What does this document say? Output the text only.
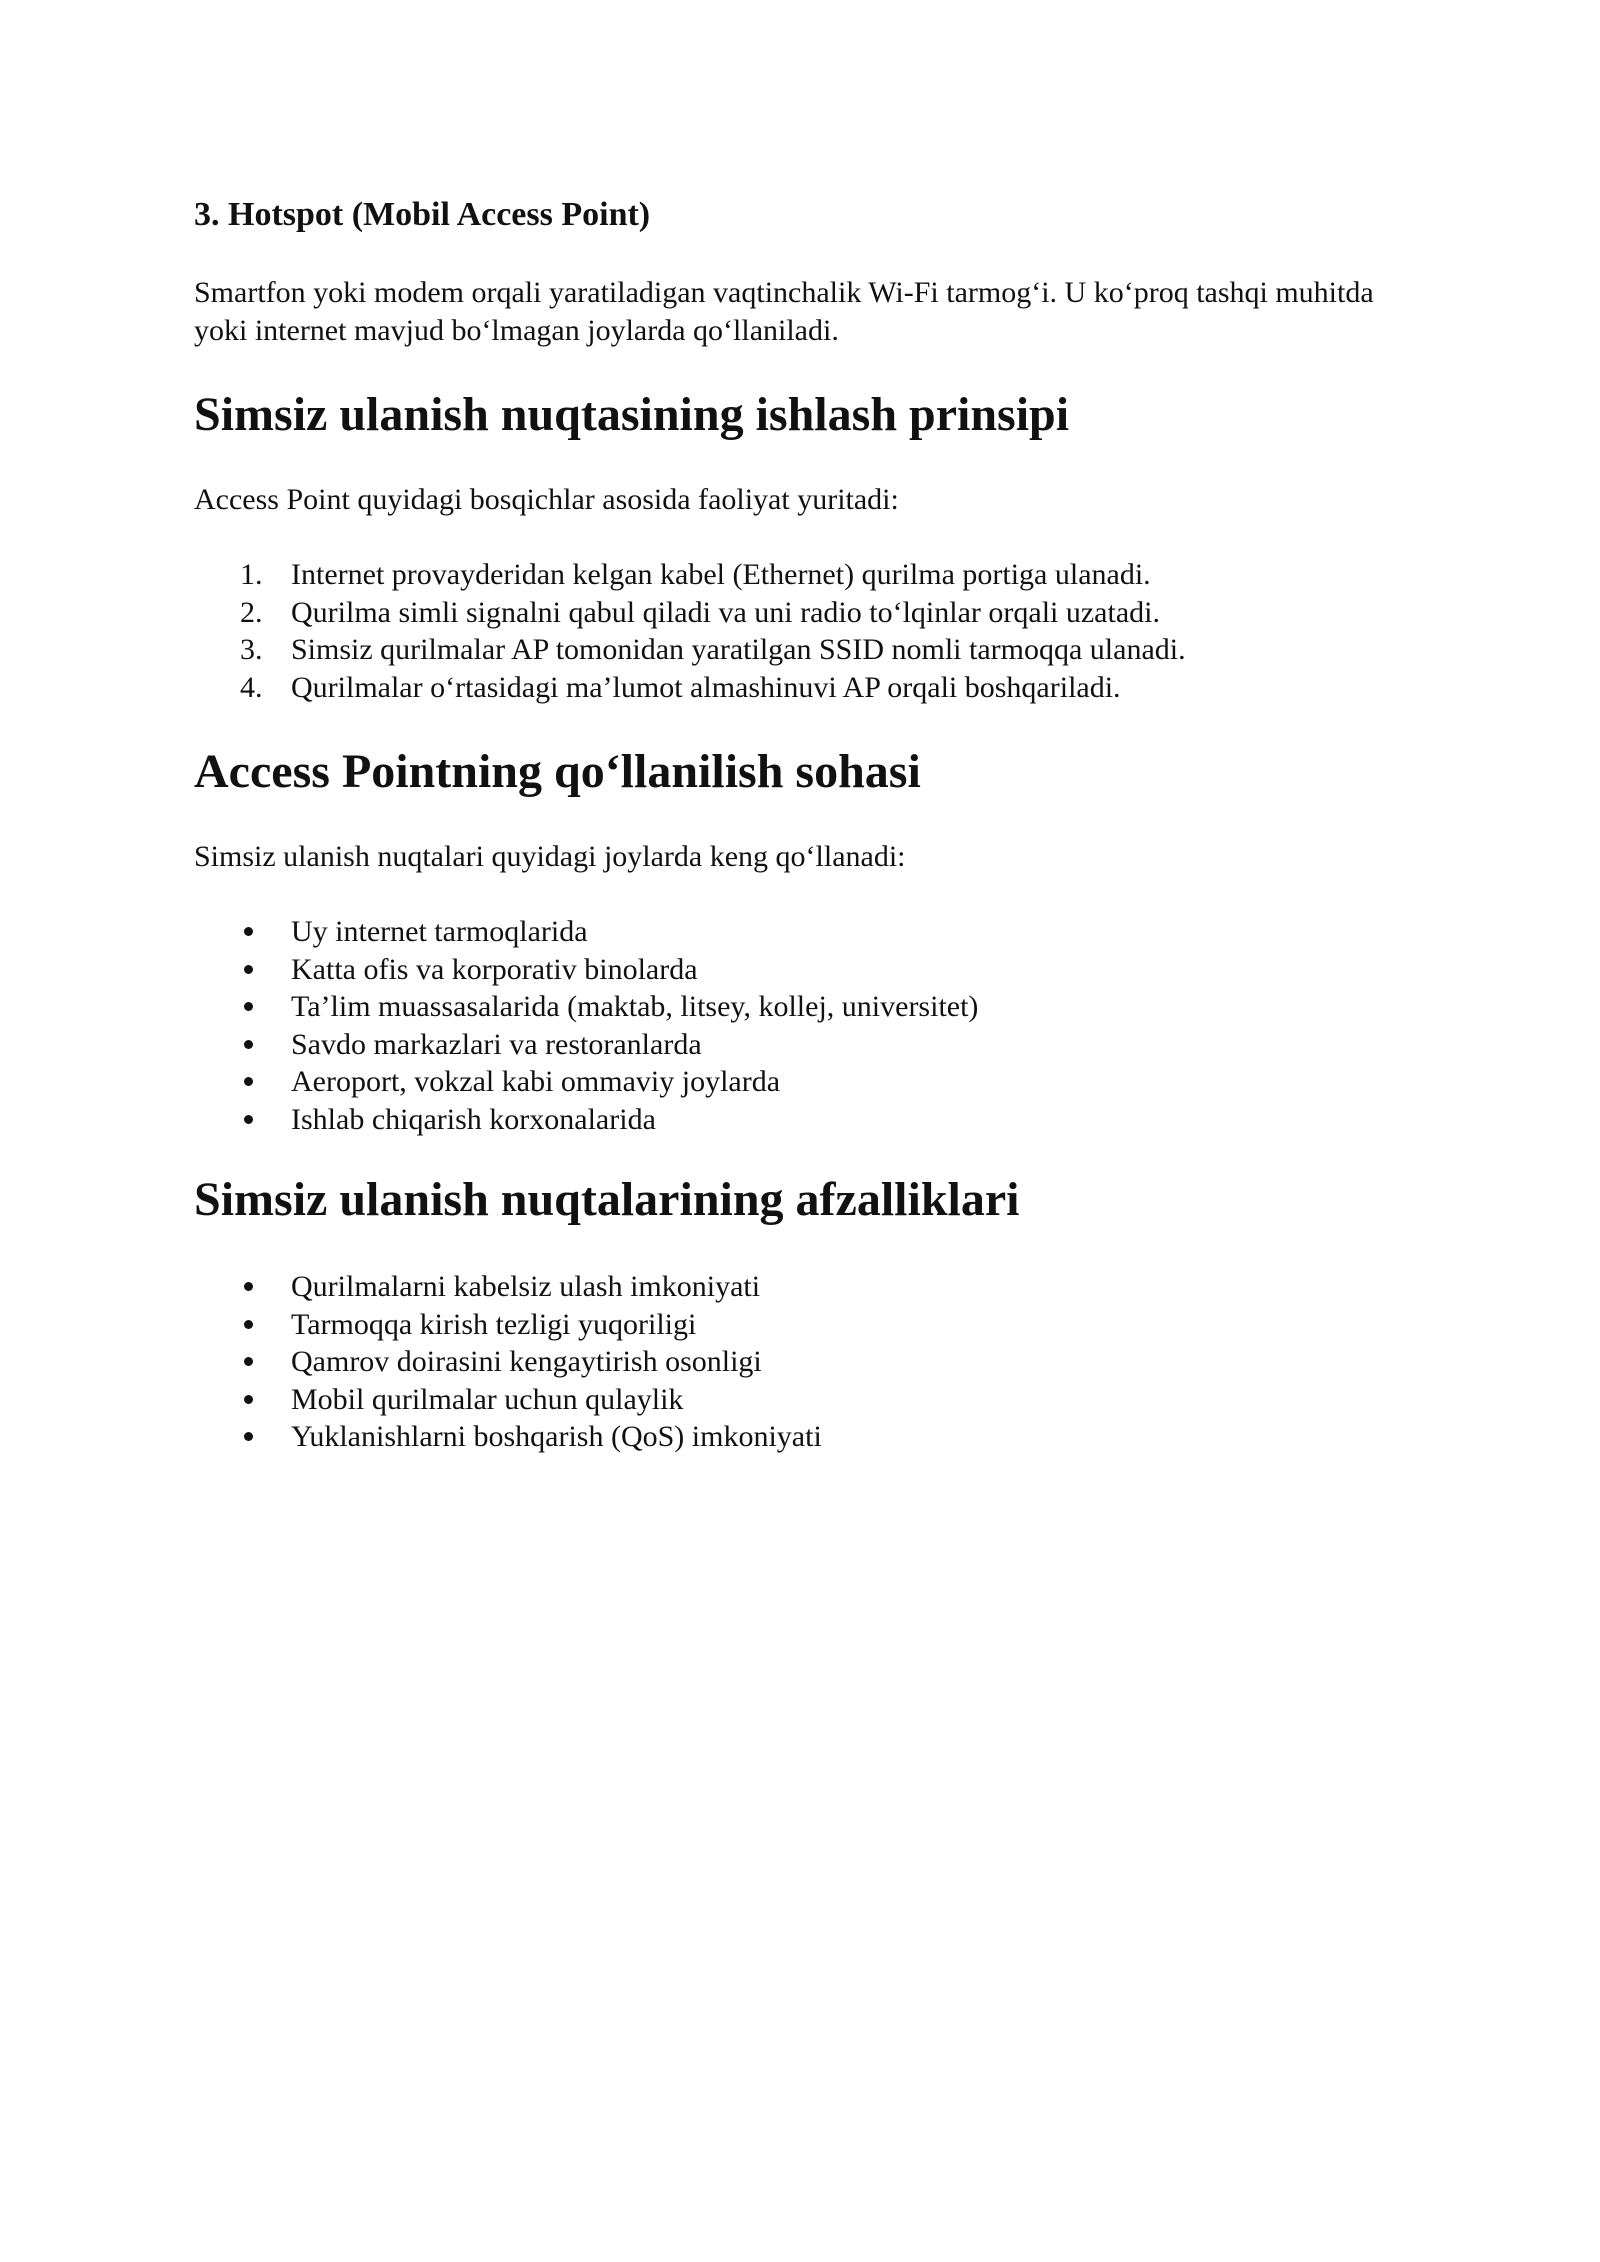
3. Hotspot (Mobil Access Point)

Smartfon yoki modem orqali yaratiladigan vaqtinchalik Wi-Fi tarmog‘i. U ko‘proq tashqi muhitda yoki internet mavjud bo‘lmagan joylarda qo‘llaniladi.

Simsiz ulanish nuqtasining ishlash prinsipi

Access Point quyidagi bosqichlar asosida faoliyat yuritadi:

1. Internet provayderidan kelgan kabel (Ethernet) qurilma portiga ulanadi.
2. Qurilma simli signalni qabul qiladi va uni radio to‘lqinlar orqali uzatadi.
3. Simsiz qurilmalar AP tomonidan yaratilgan SSID nomli tarmoqqa ulanadi.
4. Qurilmalar o‘rtasidagi ma’lumot almashinuvi AP orqali boshqariladi.
Access Pointning qo‘llanilish sohasi

Simsiz ulanish nuqtalari quyidagi joylarda keng qo‘llanadi:

Uy internet tarmoqlarida
Katta ofis va korporativ binolarda
Ta’lim muassasalarida (maktab, litsey, kollej, universitet)
Savdo markazlari va restoranlarda
Aeroport, vokzal kabi ommaviy joylarda
Ishlab chiqarish korxonalarida
Simsiz ulanish nuqtalarining afzalliklari
Qurilmalarni kabelsiz ulash imkoniyati
Tarmoqqa kirish tezligi yuqoriligi
Qamrov doirasini kengaytirish osonligi
Mobil qurilmalar uchun qulaylik
Yuklanishlarni boshqarish (QoS) imkoniyati
